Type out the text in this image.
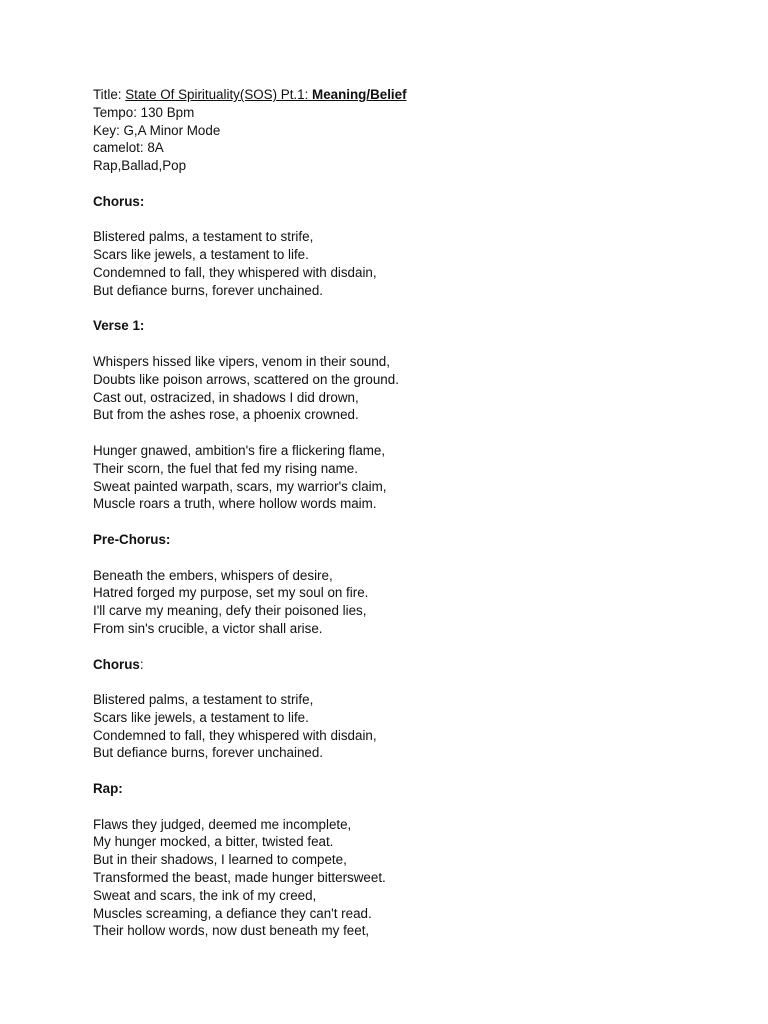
Title: State Of Spirituality(SOS) Pt.1: Meaning/Belief
Tempo: 130 Bpm
Key: G,A Minor Mode
camelot: 8A
Rap,Ballad,Pop
Chorus:
Blistered palms, a testament to strife,
Scars like jewels, a testament to life.
Condemned to fall, they whispered with disdain,
But defiance burns, forever unchained.
Verse 1:
Whispers hissed like vipers, venom in their sound,
Doubts like poison arrows, scattered on the ground.
Cast out, ostracized, in shadows I did drown,
But from the ashes rose, a phoenix crowned.
Hunger gnawed, ambition's fire a flickering flame,
Their scorn, the fuel that fed my rising name.
Sweat painted warpath, scars, my warrior's claim,
Muscle roars a truth, where hollow words maim.
Pre-Chorus:
Beneath the embers, whispers of desire,
Hatred forged my purpose, set my soul on fire.
I'll carve my meaning, defy their poisoned lies,
From sin's crucible, a victor shall arise.
Chorus:
Blistered palms, a testament to strife,
Scars like jewels, a testament to life.
Condemned to fall, they whispered with disdain,
But defiance burns, forever unchained.
Rap:
Flaws they judged, deemed me incomplete,
My hunger mocked, a bitter, twisted feat.
But in their shadows, I learned to compete,
Transformed the beast, made hunger bittersweet.
Sweat and scars, the ink of my creed,
Muscles screaming, a defiance they can't read.
Their hollow words, now dust beneath my feet,
